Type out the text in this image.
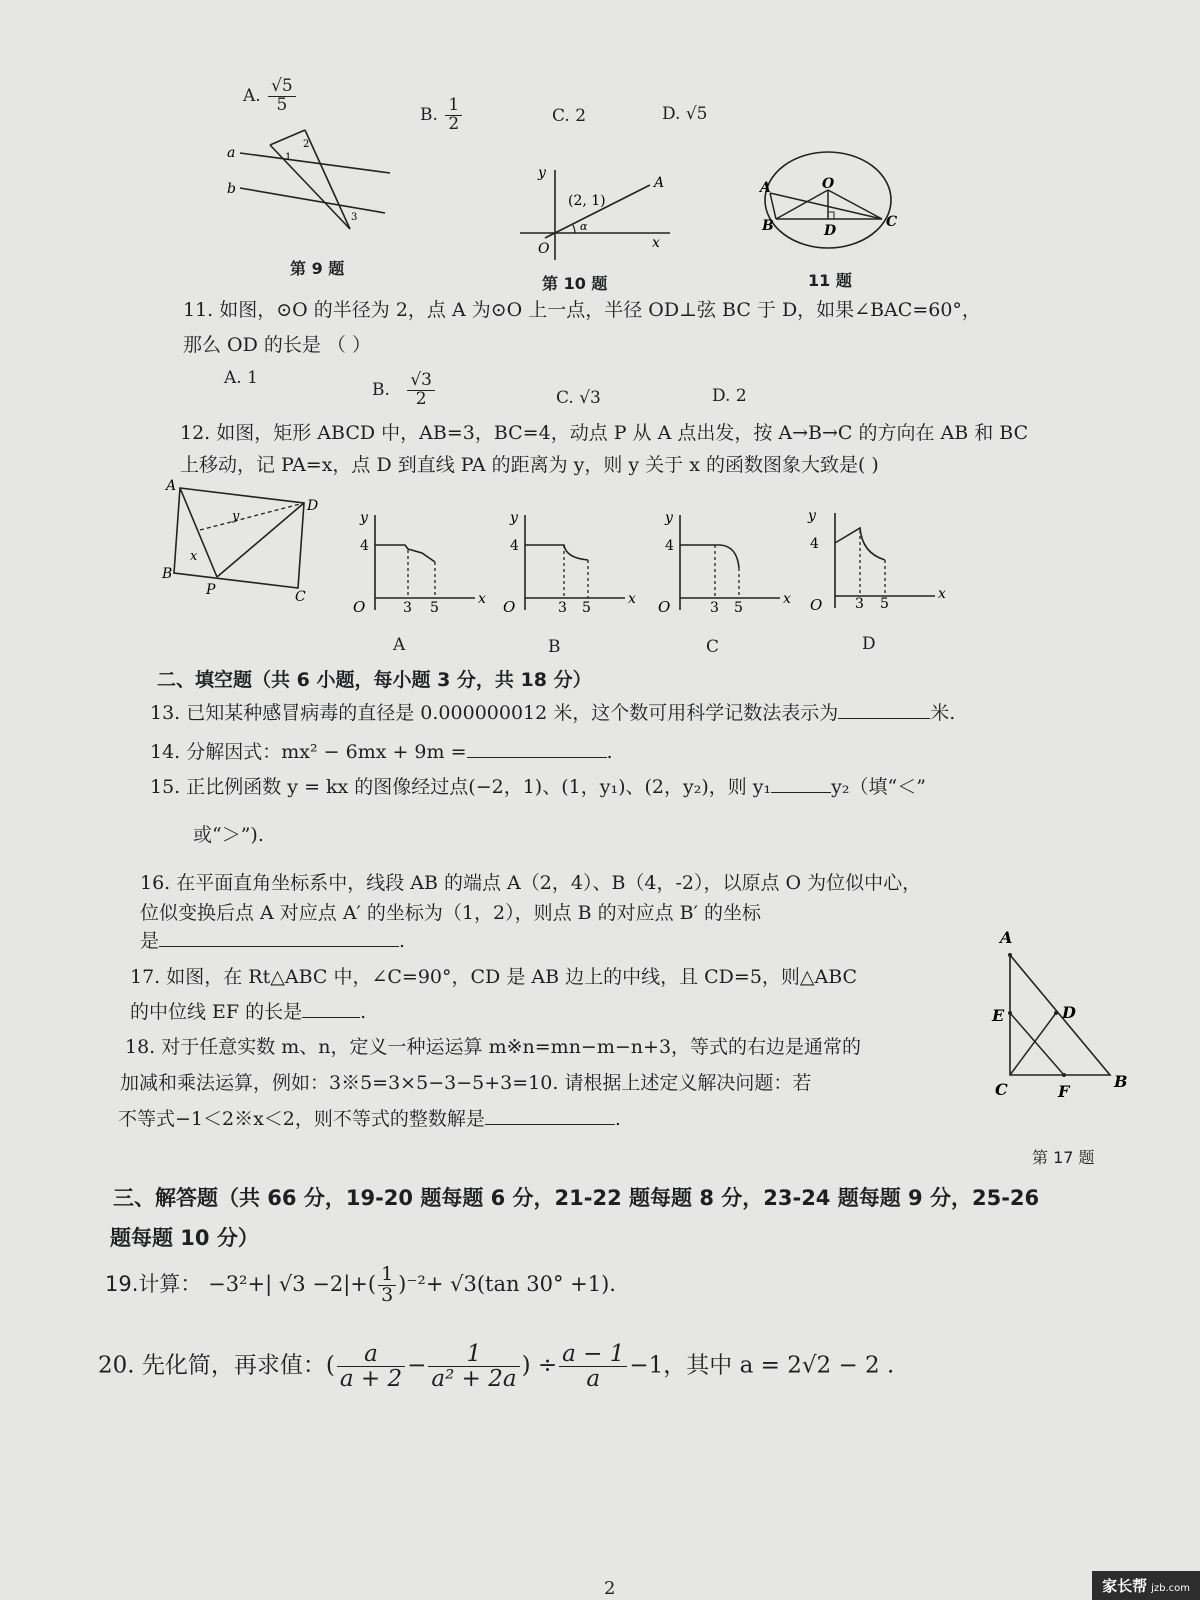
A. $\frac{√5}{5}$
B. $\frac{1}{2}$	C. 2	D. √5
a
b
1
2
3
第 9 题
y
x
O
A
(2, 1)
α
第 10 题
A	O
B	C
D
11 题
11. 如图，⊙O 的半径为 2，点 A 为⊙O 上一点，半径 OD⊥弦 BC 于 D，如果∠BAC=60°，
那么 OD 的长是 （ ）
A. 1
B. $\frac{√3}{2}$	C. √3	D. 2
12. 如图，矩形 ABCD 中，AB=3，BC=4，动点 P 从 A 点出发，按 A→B→C 的方向在 AB 和 BC
上移动，记 PA=x，点 D 到直线 PA 的距离为 y，则 y 关于 x 的函数图象大致是( )
A
D
B
P	C
x
y	y
4
O	3 5
x
A
y
4
O	3 5
x
B
y
4
O	3 5
x
C
y
4
O 3 5
x
D
二、填空题（共 6 小题，每小题 3 分，共 18 分）
13. 已知某种感冒病毒的直径是 0.000000012 米，这个数可用科学记数法表示为	米.
14. 分解因式：mx² − 6mx + 9m =	.
15. 正比例函数 y = kx 的图像经过点(−2，1)、(1，y₁)、(2，y₂)，则 y₁	y₂（填“＜”
或“＞”).
16. 在平面直角坐标系中，线段 AB 的端点 A（2，4）、B（4，-2），以原点 O 为位似中心，
位似变换后点 A 对应点 A′ 的坐标为（1，2），则点 B 的对应点 B′ 的坐标
是	.
17. 如图，在 Rt△ABC 中，∠C=90°，CD 是 AB 边上的中线，且 CD=5，则△ABC
的中位线 EF 的长是	.
A
D
E
C	F
B
第 17 题
18. 对于任意实数 m、n，定义一种运运算 m※n=mn−m−n+3，等式的右边是通常的
加减和乘法运算，例如：3※5=3×5−3−5+3=10. 请根据上述定义解决问题：若
不等式−1＜2※x＜2，则不等式的整数解是	.
三、解答题（共 66 分，19-20 题每题 6 分，21-22 题每题 8 分，23-24 题每题 9 分，25-26
题每题 10 分）
19.计算： −3²+| $√3 -2|+( \frac{1}{3} )^{-2}+ √3(\tan$ 30° +1).
20. 先化简，再求值：( $\frac{a}{a + 2} - \frac{1}{\text{a² + 2a}}$ ) ÷ $\frac{a - 1}{a} -1$，其中 a = 2√2 − 2 .
2	家长帮 jzb.com
